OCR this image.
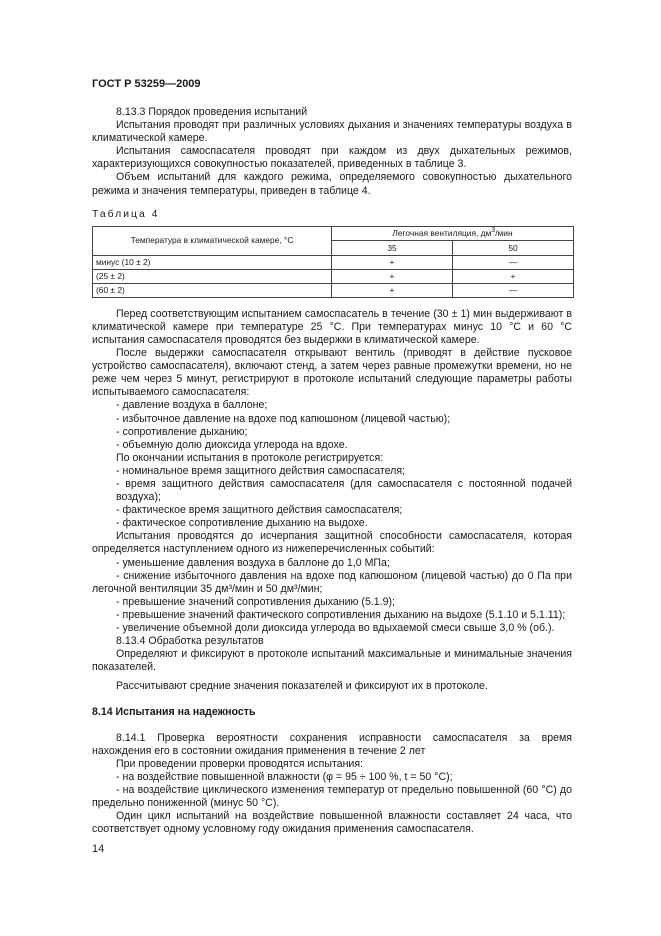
ГОСТ Р 53259—2009

8.13.3 Порядок проведения испытаний

Испытания проводят при различных условиях дыхания и значениях температуры воздуха в климатической камере.

Испытания самоспасателя проводят при каждом из двух дыхательных режимов, характеризующихся совокупностью показателей, приведенных в таблице 3.

Объем испытаний для каждого режима, определяемого совокупностью дыхательного режима и значения температуры, приведен в таблице 4.

Таблица 4

Температура в климатической камере, °С	Легочная вентиляция, $дм^3$/мин	
	35	50
минус (10 ± 2)	+	—
(25 ± 2)	+	+
(60 ± 2)	+	—

Перед соответствующим испытанием самоспасатель в течение (30 ± 1) мин выдерживают в климатической камере при температуре 25 °С. При температурах минус 10 °С и 60 °С испытания самоспасателя проводятся без выдержки в климатической камере.

После выдержки самоспасателя открывают вентиль (приводят в действие пусковое устройство самоспасателя), включают стенд, а затем через равные промежутки времени, но не реже чем через 5 минут, регистрируют в протоколе испытаний следующие параметры работы испытываемого самоспасателя:

- давление воздуха в баллоне;

- избыточное давление на вдохе под капюшоном (лицевой частью);

- сопротивление дыханию;

- объемную долю диоксида углерода на вдохе.

По окончании испытания в протоколе регистрируется:

- номинальное время защитного действия самоспасателя;

- время защитного действия самоспасателя (для самоспасателя с постоянной подачей воздуха);

- фактическое время защитного действия самоспасателя;

- фактическое сопротивление дыханию на выдохе.

Испытания проводятся до исчерпания защитной способности самоспасателя, которая определяется наступлением одного из нижеперечисленных событий:

- уменьшение давления воздуха в баллоне до 1,0 МПа;

- снижение избыточного давления на вдохе под капюшоном (лицевой частью) до 0 Па при легочной вентиляции 35 дм³/мин и 50 дм³/мин;

- превышение значений сопротивления дыханию (5.1.9);

- превышение значений фактического сопротивления дыханию на выдохе (5.1.10 и 5.1.11);

- увеличение объемной доли диоксида углерода во вдыхаемой смеси свыше 3,0 % (об.).

8.13.4 Обработка результатов

Определяют и фиксируют в протоколе испытаний максимальные и минимальные значения показателей.

Рассчитывают средние значения показателей и фиксируют их в протоколе.

8.14 Испытания на надежность

8.14.1 Проверка вероятности сохранения исправности самоспасателя за время нахождения его в состоянии ожидания применения в течение 2 лет

При проведении проверки проводятся испытания:

- на воздействие повышенной влажности (φ = 95 ÷ 100 %, t = 50 °С);

- на воздействие циклического изменения температур от предельно повышенной (60 °С) до предельно пониженной (минус 50 °С).

Один цикл испытаний на воздействие повышенной влажности составляет 24 часа, что соответствует одному условному году ожидания применения самоспасателя.

14
